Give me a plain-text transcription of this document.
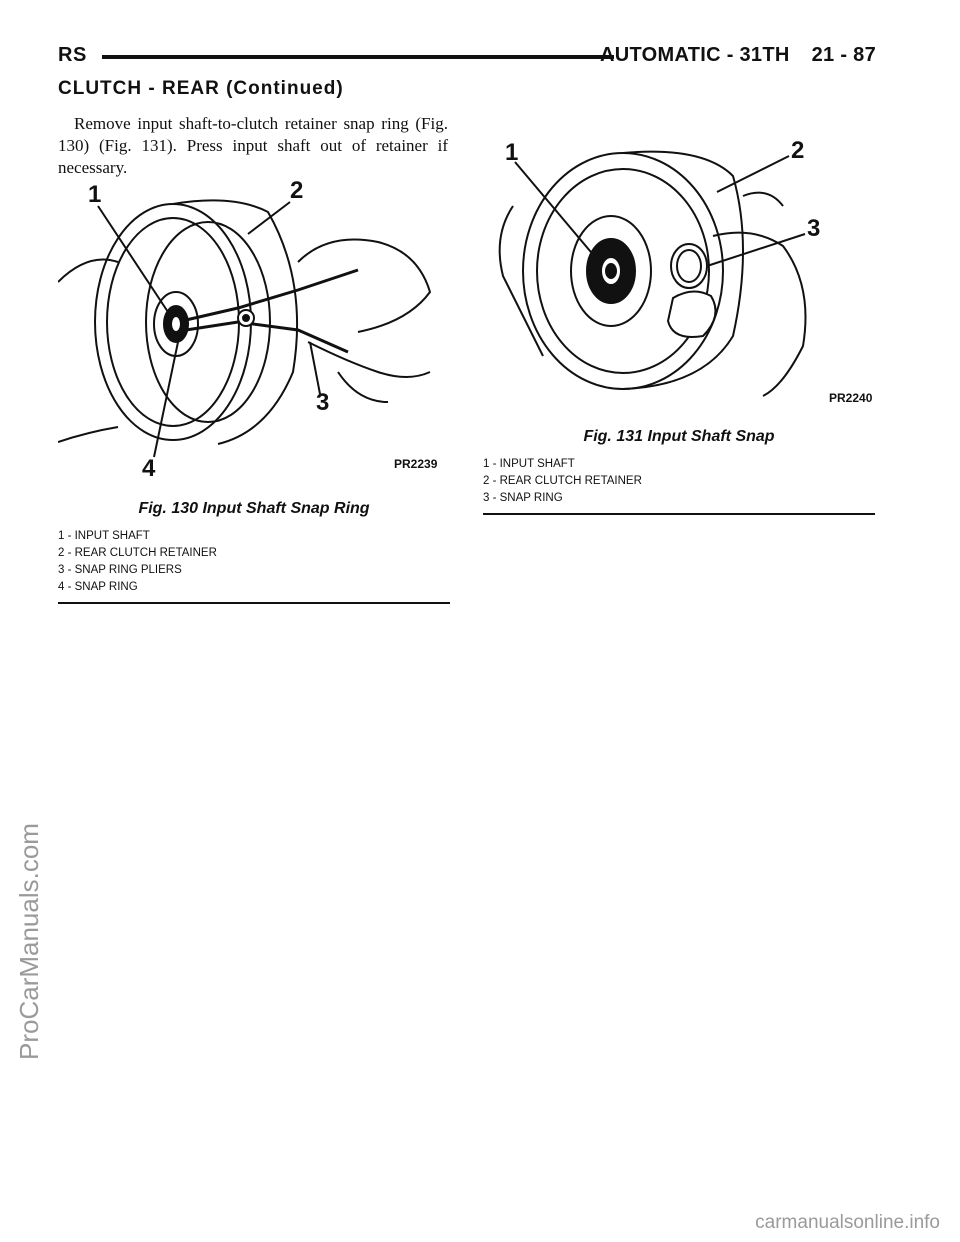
RS	AUTOMATIC - 31TH 21 - 87
CLUTCH - REAR (Continued)
Remove input shaft-to-clutch retainer snap ring (Fig. 130) (Fig. 131). Press input shaft out of retainer if necessary.
1	2
3
4	PR2239
Fig. 130 Input Shaft Snap Ring
1 - INPUT SHAFT
2 - REAR CLUTCH RETAINER
3 - SNAP RING PLIERS
4 - SNAP RING
1	2
3
PR2240
Fig. 131 Input Shaft Snap
1 - INPUT SHAFT
2 - REAR CLUTCH RETAINER
3 - SNAP RING
ProCarManuals.com
carmanualsonline.info
